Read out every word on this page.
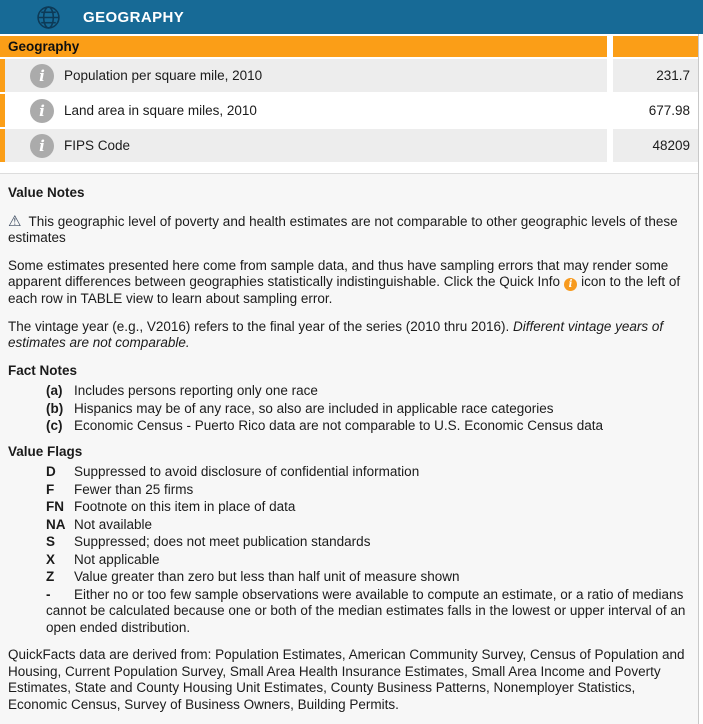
GEOGRAPHY
Geography
i	Population per square mile, 2010	231.7
i	Land area in square miles, 2010	677.98
i	FIPS Code	48209
Value Notes
⚠ This geographic level of poverty and health estimates are not comparable to other geographic levels of these estimates

Some estimates presented here come from sample data, and thus have sampling errors that may render some apparent differences between geographies statistically indistinguishable. Click the Quick Info i icon to the left of each row in TABLE view to learn about sampling error.

The vintage year (e.g., V2016) refers to the final year of the series (2010 thru 2016). Different vintage years of estimates are not comparable.

Fact Notes
(a) Includes persons reporting only one race
(b) Hispanics may be of any race, so also are included in applicable race categories
(c) Economic Census - Puerto Rico data are not comparable to U.S. Economic Census data
Value Flags
D Suppressed to avoid disclosure of confidential information
F Fewer than 25 firms
FN Footnote on this item in place of data
NA Not available
S Suppressed; does not meet publication standards
X Not applicable
Z Value greater than zero but less than half unit of measure shown
- Either no or too few sample observations were available to compute an estimate, or a ratio of medians cannot be calculated because one or both of the median estimates falls in the lowest or upper interval of an open ended distribution.

QuickFacts data are derived from: Population Estimates, American Community Survey, Census of Population and Housing, Current Population Survey, Small Area Health Insurance Estimates, Small Area Income and Poverty Estimates, State and County Housing Unit Estimates, County Business Patterns, Nonemployer Statistics, Economic Census, Survey of Business Owners, Building Permits.
